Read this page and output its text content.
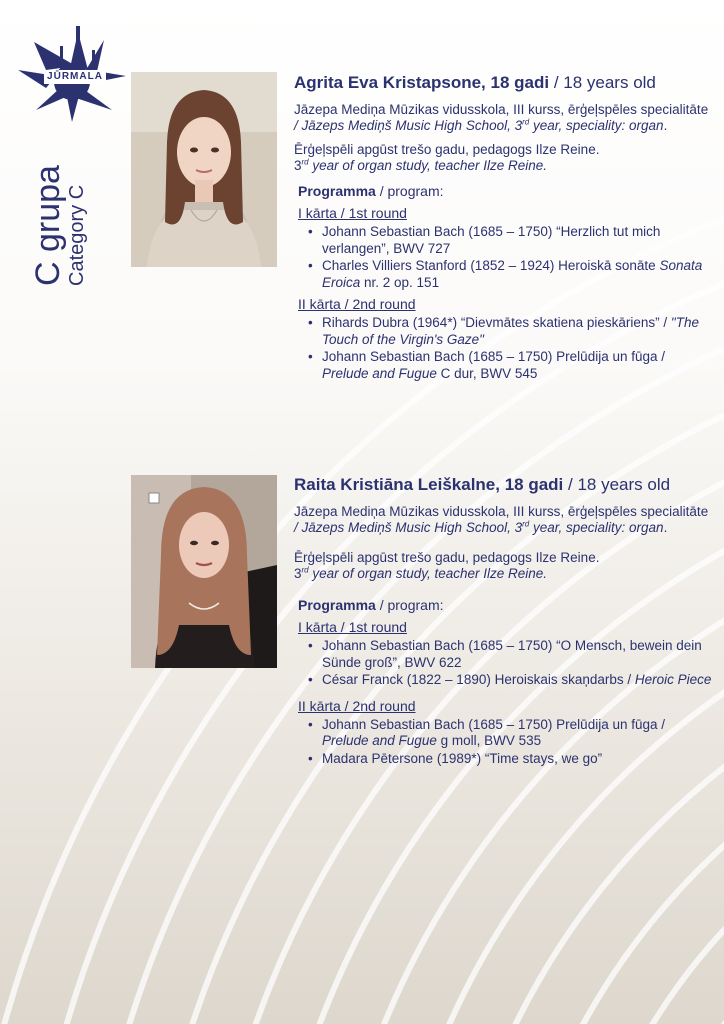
JŪRMALA
C grupa Category C
Agrita Eva Kristapsone, 18 gadi / 18 years old
Jāzepa Mediņa Mūzikas vidusskola, III kurss, ērģeļspēles specialitāte / Jāzeps Mediņš Music High School, 3rd year, speciality: organ.
Ērģeļspēli apgūst trešo gadu, pedagogs Ilze Reine.
3rd year of organ study, teacher Ilze Reine.
Programma / program:
I kārta / 1st round
• Johann Sebastian Bach (1685 – 1750) “Herzlich tut mich verlangen”, BWV 727
• Charles Villiers Stanford (1852 – 1924) Heroiskā sonāte Sonata Eroica nr. 2 op. 151
II kārta / 2nd round
• Rihards Dubra (1964*) “Dievmātes skatiena pieskāriens” / "The Touch of the Virgin's Gaze"
• Johann Sebastian Bach (1685 – 1750) Prelūdija un fūga / Prelude and Fugue C dur, BWV 545
Raita Kristiāna Leiškalne, 18 gadi / 18 years old
Jāzepa Mediņa Mūzikas vidusskola, III kurss, ērģeļspēles specialitāte / Jāzeps Mediņš Music High School, 3rd year, speciality: organ.
Ērģeļspēli apgūst trešo gadu, pedagogs Ilze Reine.
3rd year of organ study, teacher Ilze Reine.
Programma / program:
I kārta / 1st round
• Johann Sebastian Bach (1685 – 1750) “O Mensch, bewein dein Sünde groß”, BWV 622
• César Franck (1822 – 1890) Heroiskais skaņdarbs / Heroic Piece
II kārta / 2nd round
• Johann Sebastian Bach (1685 – 1750) Prelūdija un fūga / Prelude and Fugue g moll, BWV 535
• Madara Pētersone (1989*) “Time stays, we go”
